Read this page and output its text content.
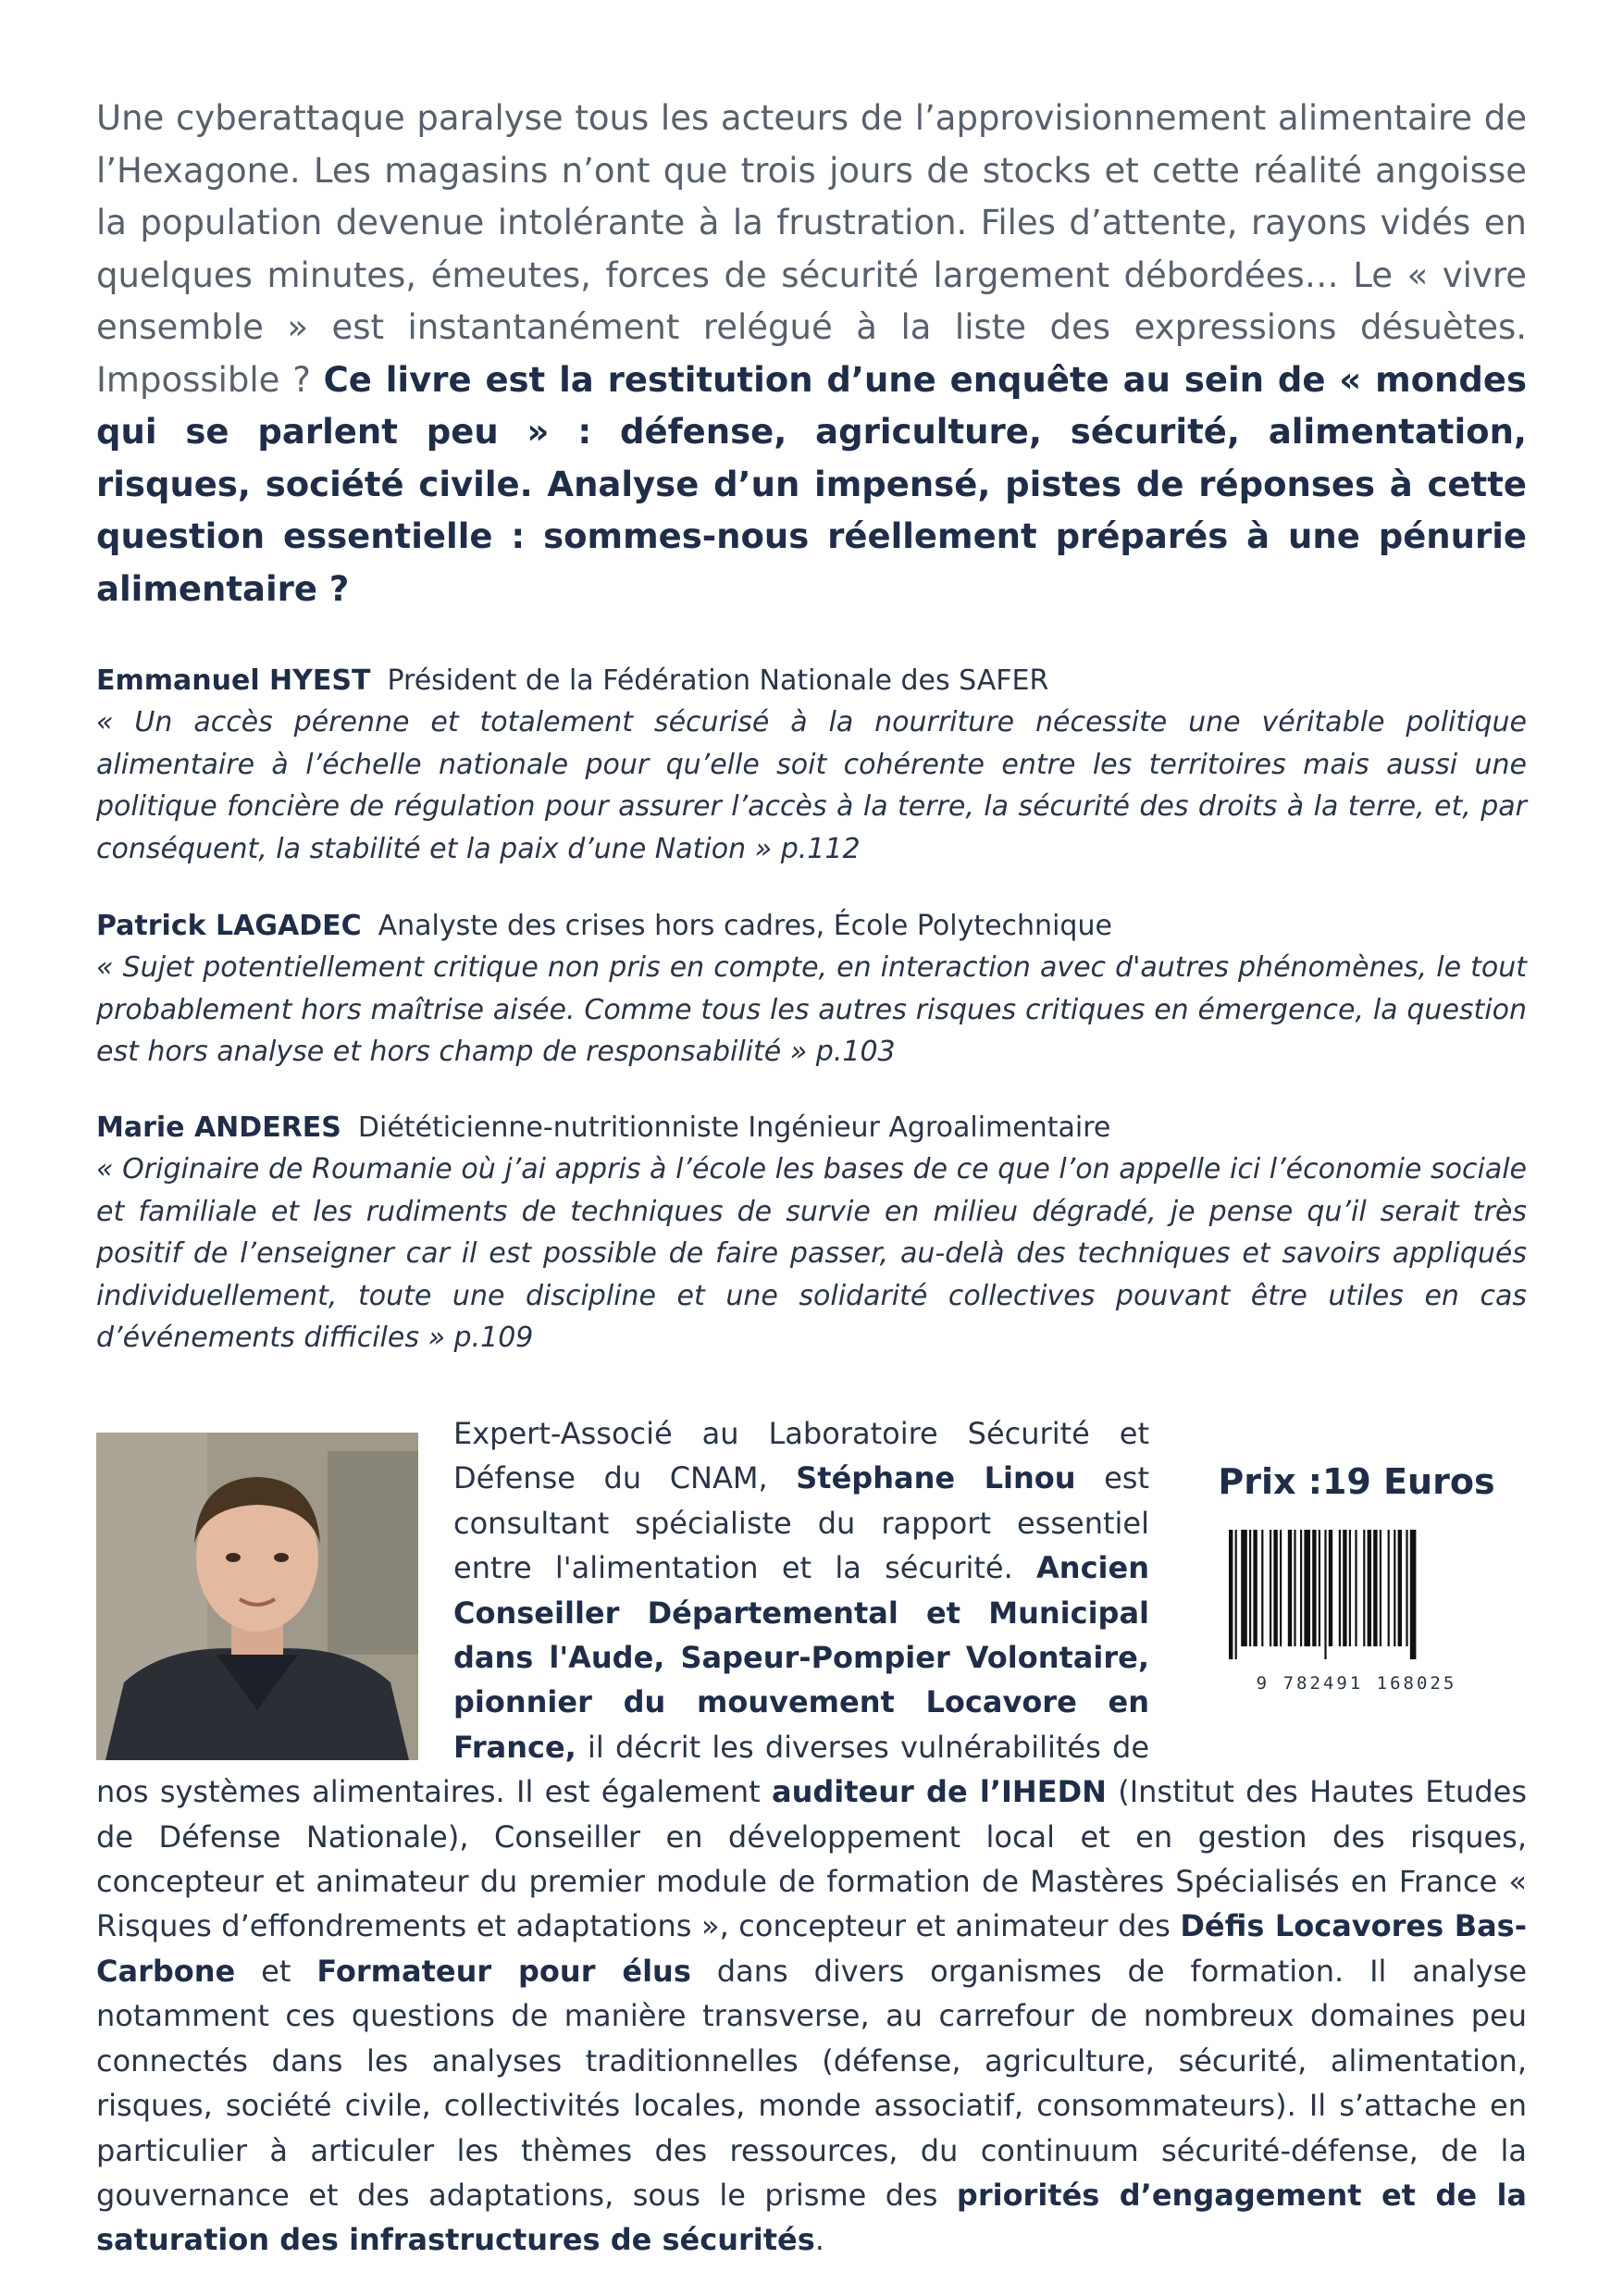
Une cyberattaque paralyse tous les acteurs de l’approvisionnement alimentaire de l’Hexagone. Les magasins n’ont que trois jours de stocks et cette réalité angoisse la population devenue intolérante à la frustration. Files d’attente, rayons vidés en quelques minutes, émeutes, forces de sécurité largement débordées… Le « vivre ensemble » est instantanément relégué à la liste des expressions désuètes. Impossible ? Ce livre est la restitution d’une enquête au sein de « mondes qui se parlent peu » : défense, agriculture, sécurité, alimentation, risques, société civile. Analyse d’un impensé, pistes de réponses à cette question essentielle : sommes-nous réellement préparés à une pénurie alimentaire ?

Emmanuel HYEST Président de la Fédération Nationale des SAFER

« Un accès pérenne et totalement sécurisé à la nourriture nécessite une véritable politique alimentaire à l’échelle nationale pour qu’elle soit cohérente entre les territoires mais aussi une politique foncière de régulation pour assurer l’accès à la terre, la sécurité des droits à la terre, et, par conséquent, la stabilité et la paix d’une Nation » p.112

Patrick LAGADEC Analyste des crises hors cadres, École Polytechnique

« Sujet potentiellement critique non pris en compte, en interaction avec d'autres phénomènes, le tout probablement hors maîtrise aisée. Comme tous les autres risques critiques en émergence, la question est hors analyse et hors champ de responsabilité » p.103

Marie ANDERES Diététicienne-nutritionniste Ingénieur Agroalimentaire

« Originaire de Roumanie où j’ai appris à l’école les bases de ce que l’on appelle ici l’économie sociale et familiale et les rudiments de techniques de survie en milieu dégradé, je pense qu’il serait très positif de l’enseigner car il est possible de faire passer, au-delà des techniques et savoirs appliqués individuellement, toute une discipline et une solidarité collectives pouvant être utiles en cas d’événements difficiles » p.109

Prix :19 Euros
9 782491 168025
Expert-Associé au Laboratoire Sécurité et Défense du CNAM, Stéphane Linou est consultant spécialiste du rapport essentiel entre l'alimentation et la sécurité. Ancien Conseiller Départemental et Municipal dans l'Aude, Sapeur-Pompier Volontaire, pionnier du mouvement Locavore en France, il décrit les diverses vulnérabilités de nos systèmes alimentaires. Il est également auditeur de l’IHEDN (Institut des Hautes Etudes de Défense Nationale), Conseiller en développement local et en gestion des risques, concepteur et animateur du premier module de formation de Mastères Spécialisés en France « Risques d’effondrements et adaptations », concepteur et animateur des Défis Locavores Bas-Carbone et Formateur pour élus dans divers organismes de formation. Il analyse notamment ces questions de manière transverse, au carrefour de nombreux domaines peu connectés dans les analyses traditionnelles (défense, agriculture, sécurité, alimentation, risques, société civile, collectivités locales, monde associatif, consommateurs). Il s’attache en particulier à articuler les thèmes des ressources, du continuum sécurité-défense, de la gouvernance et des adaptations, sous le prisme des priorités d’engagement et de la saturation des infrastructures de sécurités.
